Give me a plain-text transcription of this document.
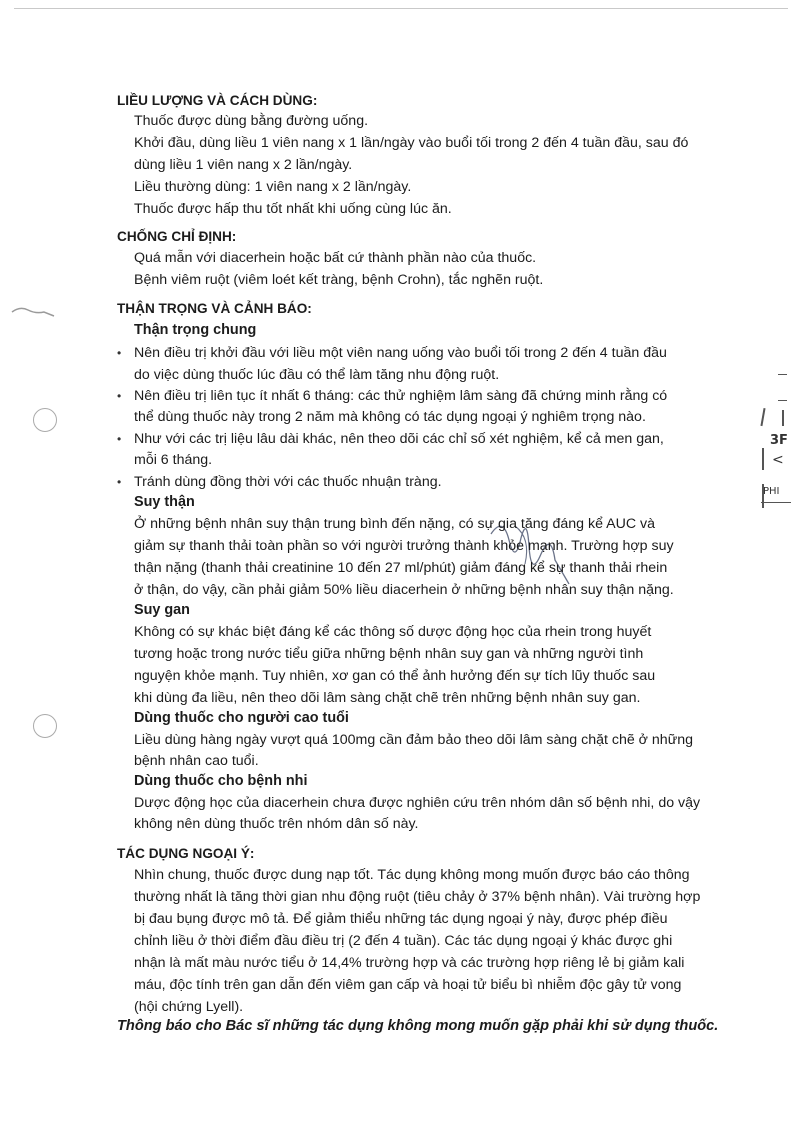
3F
<
PHI
LIỀU LƯỢNG VÀ CÁCH DÙNG:
Thuốc được dùng bằng đường uống.
Khởi đầu, dùng liều 1 viên nang x 1 lần/ngày vào buổi tối trong 2 đến 4 tuần đầu, sau đó
dùng liều 1 viên nang x 2 lần/ngày.
Liều thường dùng: 1 viên nang x 2 lần/ngày.
Thuốc được hấp thu tốt nhất khi uống cùng lúc ăn.
CHỐNG CHỈ ĐỊNH:
Quá mẫn với diacerhein hoặc bất cứ thành phần nào của thuốc.
Bệnh viêm ruột (viêm loét kết tràng, bệnh Crohn), tắc nghẽn ruột.
THẬN TRỌNG VÀ CẢNH BÁO:
Thận trọng chung
• Nên điều trị khởi đầu với liều một viên nang uống vào buổi tối trong 2 đến 4 tuần đầu
do việc dùng thuốc lúc đầu có thể làm tăng nhu động ruột.
• Nên điều trị liên tục ít nhất 6 tháng: các thử nghiệm lâm sàng đã chứng minh rằng có
thể dùng thuốc này trong 2 năm mà không có tác dụng ngoại ý nghiêm trọng nào.
• Như với các trị liệu lâu dài khác, nên theo dõi các chỉ số xét nghiệm, kể cả men gan,
mỗi 6 tháng.
• Tránh dùng đồng thời với các thuốc nhuận tràng.
Suy thận
Ở những bệnh nhân suy thận trung bình đến nặng, có sự gia tăng đáng kể AUC và
giảm sự thanh thải toàn phần so với người trưởng thành khỏe mạnh. Trường hợp suy
thận nặng (thanh thải creatinine 10 đến 27 ml/phút) giảm đáng kể sự thanh thải rhein
ở thận, do vậy, cần phải giảm 50% liều diacerhein ở những bệnh nhân suy thận nặng.
Suy gan
Không có sự khác biệt đáng kể các thông số dược động học của rhein trong huyết
tương hoặc trong nước tiểu giữa những bệnh nhân suy gan và những người tình
nguyện khỏe mạnh. Tuy nhiên, xơ gan có thể ảnh hưởng đến sự tích lũy thuốc sau
khi dùng đa liều, nên theo dõi lâm sàng chặt chẽ trên những bệnh nhân suy gan.
Dùng thuốc cho người cao tuổi
Liều dùng hàng ngày vượt quá 100mg cần đảm bảo theo dõi lâm sàng chặt chẽ ở những
bệnh nhân cao tuổi.
Dùng thuốc cho bệnh nhi
Dược động học của diacerhein chưa được nghiên cứu trên nhóm dân số bệnh nhi, do vậy
không nên dùng thuốc trên nhóm dân số này.
TÁC DỤNG NGOẠI Ý:
Nhìn chung, thuốc được dung nạp tốt. Tác dụng không mong muốn được báo cáo thông
thường nhất là tăng thời gian nhu động ruột (tiêu chảy ở 37% bệnh nhân). Vài trường hợp
bị đau bụng được mô tả. Để giảm thiểu những tác dụng ngoại ý này, được phép điều
chỉnh liều ở thời điểm đầu điều trị (2 đến 4 tuần). Các tác dụng ngoại ý khác được ghi
nhận là mất màu nước tiểu ở 14,4% trường hợp và các trường hợp riêng lẻ bị giảm kali
máu, độc tính trên gan dẫn đến viêm gan cấp và hoại tử biểu bì nhiễm độc gây tử vong
(hội chứng Lyell).
Thông báo cho Bác sĩ những tác dụng không mong muốn gặp phải khi sử dụng thuốc.
